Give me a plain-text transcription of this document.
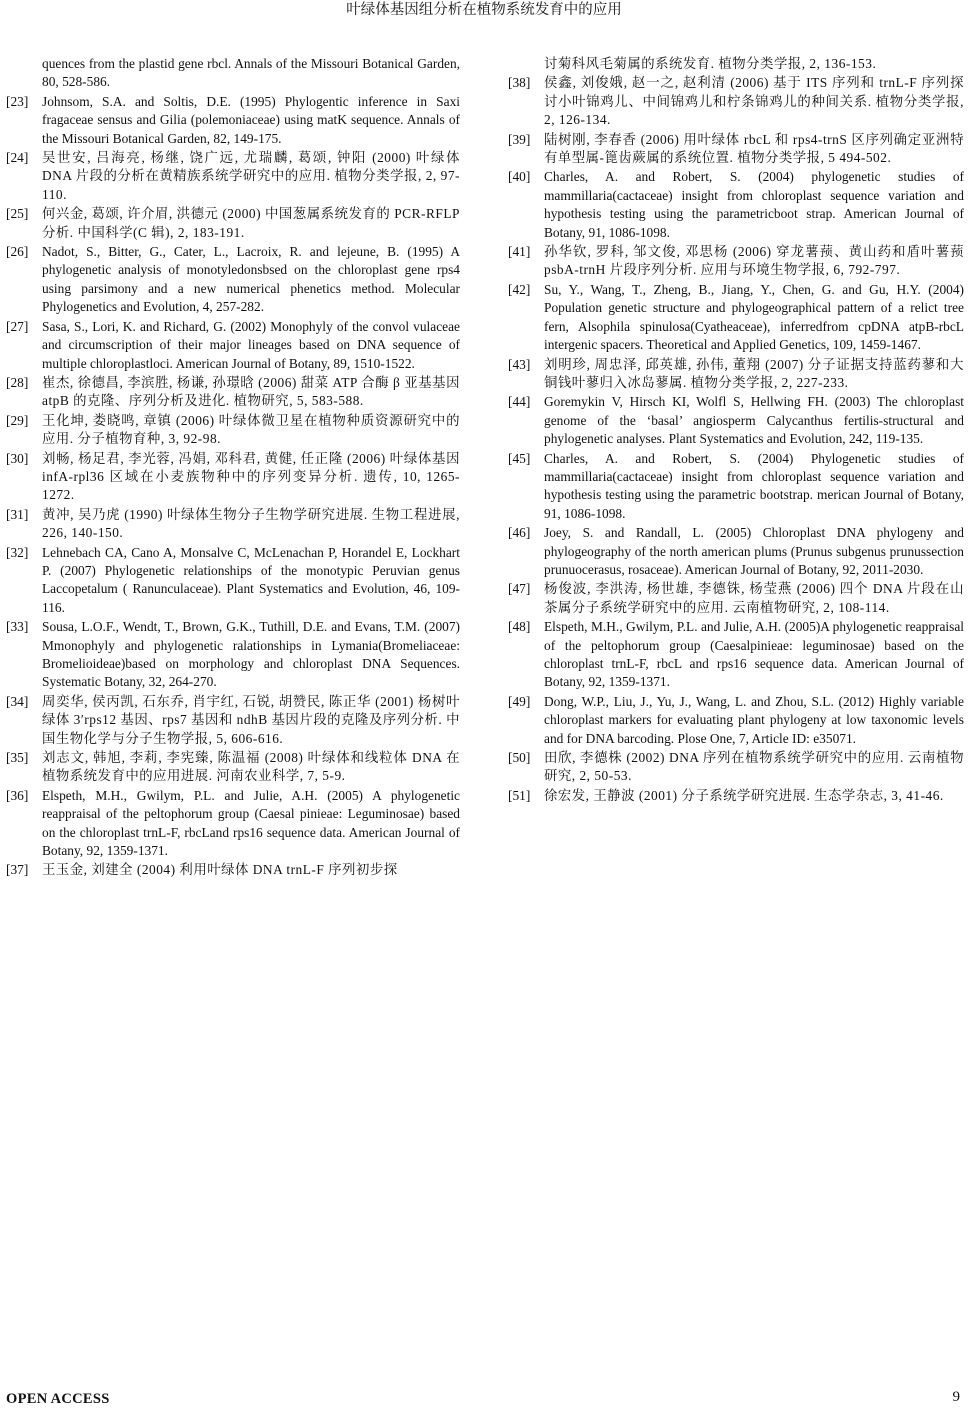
叶绿体基因组分析在植物系统发育中的应用
quences from the plastid gene rbcl. Annals of the Missouri Botanical Garden, 80, 528-586.
[23]	Johnsom, S.A. and Soltis, D.E. (1995) Phylogentic inference in Saxi fragaceae sensus and Gilia (polemoniaceae) using matK sequence. Annals of the Missouri Botanical Garden, 82, 149-175.
[24]	吴世安, 吕海亮, 杨继, 饶广远, 尤瑞麟, 葛颂, 钟阳 (2000) 叶绿体 DNA 片段的分析在黄精族系统学研究中的应用. 植物分类学报, 2, 97-110.
[25]	何兴金, 葛颂, 许介眉, 洪德元 (2000) 中国葱属系统发育的 PCR-RFLP 分析. 中国科学(C 辑), 2, 183-191.
[26]	Nadot, S., Bitter, G., Cater, L., Lacroix, R. and lejeune, B. (1995) A phylogenetic analysis of monotyledonsbsed on the chloroplast gene rps4 using parsimony and a new numerical phenetics method. Molecular Phylogenetics and Evolution, 4, 257-282.
[27]	Sasa, S., Lori, K. and Richard, G. (2002) Monophyly of the convol vulaceae and circumscription of their major lineages based on DNA sequence of multiple chloroplastloci. American Journal of Botany, 89, 1510-1522.
[28]	崔杰, 徐德昌, 李滨胜, 杨谦, 孙璟晗 (2006) 甜菜 ATP 合酶 β 亚基基因 atpB 的克隆、序列分析及进化. 植物研究, 5, 583-588.
[29]	王化坤, 娄晓鸣, 章镇 (2006) 叶绿体微卫星在植物种质资源研究中的应用. 分子植物育种, 3, 92-98.
[30]	刘畅, 杨足君, 李光蓉, 冯娟, 邓科君, 黄健, 任正隆 (2006) 叶绿体基因 infA-rpl36 区域在小麦族物种中的序列变异分析. 遗传, 10, 1265-1272.
[31]	黄冲, 吴乃虎 (1990) 叶绿体生物分子生物学研究进展. 生物工程进展, 226, 140-150.
[32]	Lehnebach CA, Cano A, Monsalve C, McLenachan P, Horandel E, Lockhart P. (2007) Phylogenetic relationships of the monotypic Peruvian genus Laccopetalum ( Ranunculaceae). Plant Systematics and Evolution, 46, 109-116.
[33]	Sousa, L.O.F., Wendt, T., Brown, G.K., Tuthill, D.E. and Evans, T.M. (2007) Mmonophyly and phylogenetic ralationships in Lymania(Bromeliaceae: Bromelioideae)based on morphology and chloroplast DNA Sequences. Systematic Botany, 32, 264-270.
[34]	周奕华, 侯丙凯, 石东乔, 肖宇红, 石锐, 胡赞民, 陈正华 (2001) 杨树叶绿体 3′rps12 基因、rps7 基因和 ndhB 基因片段的克隆及序列分析. 中国生物化学与分子生物学报, 5, 606-616.
[35]	刘志文, 韩旭, 李莉, 李宪臻, 陈温福 (2008) 叶绿体和线粒体 DNA 在植物系统发育中的应用进展. 河南农业科学, 7, 5-9.
[36]	Elspeth, M.H., Gwilym, P.L. and Julie, A.H. (2005) A phylogenetic reappraisal of the peltophorum group (Caesal pinieae: Leguminosae) based on the chloroplast trnL-F, rbcLand rps16 sequence data. American Journal of Botany, 92, 1359-1371.
[37]	王玉金, 刘建全 (2004) 利用叶绿体 DNA trnL-F 序列初步探
讨菊科风毛菊属的系统发育. 植物分类学报, 2, 136-153.
[38]	侯鑫, 刘俊娥, 赵一之, 赵利清 (2006) 基于 ITS 序列和 trnL-F 序列探讨小叶锦鸡儿、中间锦鸡儿和柠条锦鸡儿的种间关系. 植物分类学报, 2, 126-134.
[39]	陆树刚, 李春香 (2006) 用叶绿体 rbcL 和 rps4-trnS 区序列确定亚洲特有单型属-篦齿蕨属的系统位置. 植物分类学报, 5 494-502.
[40]	Charles, A. and Robert, S. (2004) phylogenetic studies of mammillaria(cactaceae) insight from chloroplast sequence variation and hypothesis testing using the parametricboot strap. American Journal of Botany, 91, 1086-1098.
[41]	孙华钦, 罗科, 邹文俊, 邓思杨 (2006) 穿龙薯蓣、黄山药和盾叶薯蓣 psbA-trnH 片段序列分析. 应用与环境生物学报, 6, 792-797.
[42]	Su, Y., Wang, T., Zheng, B., Jiang, Y., Chen, G. and Gu, H.Y. (2004) Population genetic structure and phylogeographical pattern of a relict tree fern, Alsophila spinulosa(Cyatheaceae), inferredfrom cpDNA atpB-rbcL intergenic spacers. Theoretical and Applied Genetics, 109, 1459-1467.
[43]	刘明珍, 周忠泽, 邱英雄, 孙伟, 董翔 (2007) 分子证据支持蓝药蓼和大铜钱叶蓼归入冰岛蓼属. 植物分类学报, 2, 227-233.
[44]	Goremykin V, Hirsch KI, Wolfl S, Hellwing FH. (2003) The chloroplast genome of the ‘basal’ angiosperm Calycanthus fertilis-structural and phylogenetic analyses. Plant Systematics and Evolution, 242, 119-135.
[45]	Charles, A. and Robert, S. (2004) Phylogenetic studies of mammillaria(cactaceae) insight from chloroplast sequence variation and hypothesis testing using the parametric bootstrap. merican Journal of Botany, 91, 1086-1098.
[46]	Joey, S. and Randall, L. (2005) Chloroplast DNA phylogeny and phylogeography of the north american plums (Prunus subgenus prunussection prunuocerasus, rosaceae). American Journal of Botany, 92, 2011-2030.
[47]	杨俊波, 李洪涛, 杨世雄, 李德铢, 杨莹燕 (2006) 四个 DNA 片段在山茶属分子系统学研究中的应用. 云南植物研究, 2, 108-114.
[48]	Elspeth, M.H., Gwilym, P.L. and Julie, A.H. (2005)A phylogenetic reappraisal of the peltophorum group (Caesalpinieae: leguminosae) based on the chloroplast trnL-F, rbcL and rps16 sequence data. American Journal of Botany, 92, 1359-1371.
[49]	Dong, W.P., Liu, J., Yu, J., Wang, L. and Zhou, S.L. (2012) Highly variable chloroplast markers for evaluating plant phylogeny at low taxonomic levels and for DNA barcoding. Plose One, 7, Article ID: e35071.
[50]	田欣, 李德株 (2002) DNA 序列在植物系统学研究中的应用. 云南植物研究, 2, 50-53.
[51]	徐宏发, 王静波 (2001) 分子系统学研究进展. 生态学杂志, 3, 41-46.
OPEN ACCESS	9
